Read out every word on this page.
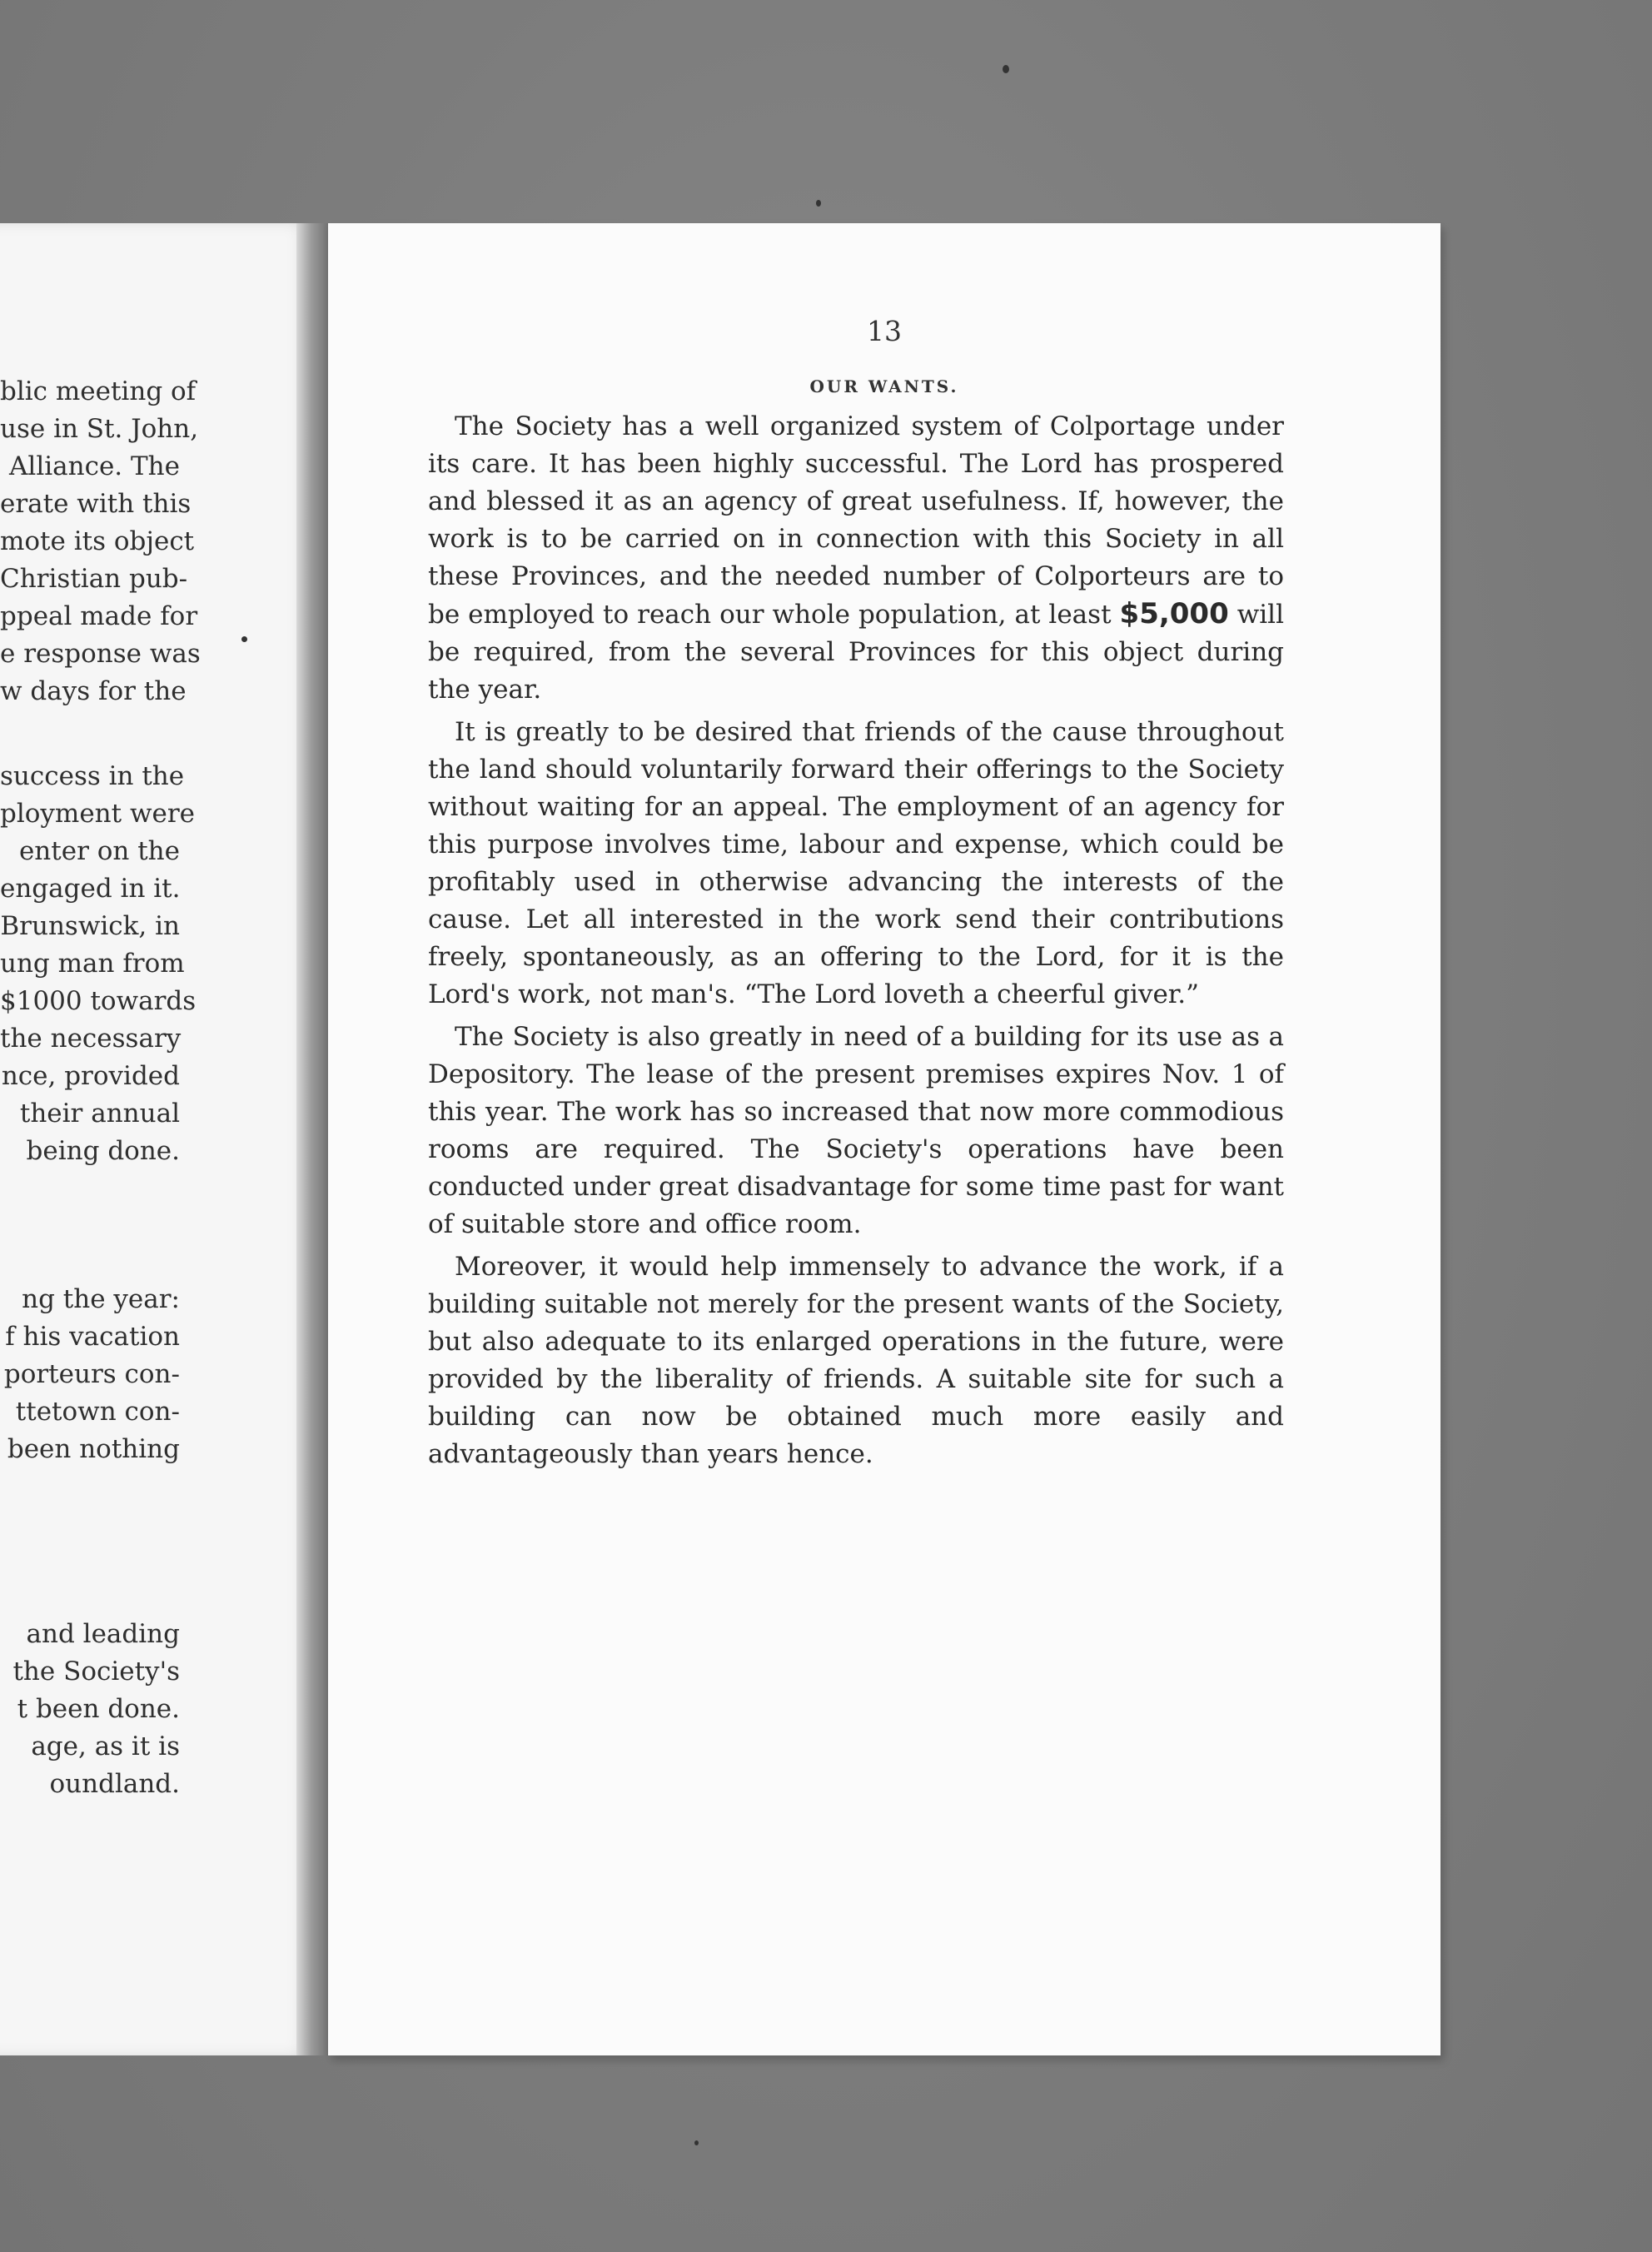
blic meeting of
use in St. John,
Alliance. The
erate with this
mote its object
Christian pub-
ppeal made for
e response was
w days for the
success in the
ployment were
enter on the
engaged in it.
Brunswick, in
ung man from
$1000 towards
the necessary
nce, provided
their annual
being done.
ng the year:
f his vacation
porteurs con-
ttetown con-
been nothing
and leading
the Society's
t been done.
age, as it is
oundland.
13
OUR WANTS.

The Society has a well organized system of Colportage under its care. It has been highly successful. The Lord has prospered and blessed it as an agency of great usefulness. If, however, the work is to be carried on in connection with this Society in all these Provinces, and the needed number of Colporteurs are to be employed to reach our whole population, at least $5,000 will be required, from the several Provinces for this object during the year.

It is greatly to be desired that friends of the cause throughout the land should voluntarily forward their offerings to the Society without waiting for an appeal. The employment of an agency for this purpose involves time, labour and expense, which could be profitably used in otherwise advancing the interests of the cause. Let all interested in the work send their contributions freely, spontaneously, as an offering to the Lord, for it is the Lord's work, not man's. “The Lord loveth a cheerful giver.”

The Society is also greatly in need of a building for its use as a Depository. The lease of the present premises expires Nov. 1 of this year. The work has so increased that now more commodious rooms are required. The Society's operations have been conducted under great disadvantage for some time past for want of suitable store and office room.

Moreover, it would help immensely to advance the work, if a building suitable not merely for the present wants of the Society, but also adequate to its enlarged operations in the future, were provided by the liberality of friends. A suitable site for such a building can now be obtained much more easily and advantageously than years hence.
